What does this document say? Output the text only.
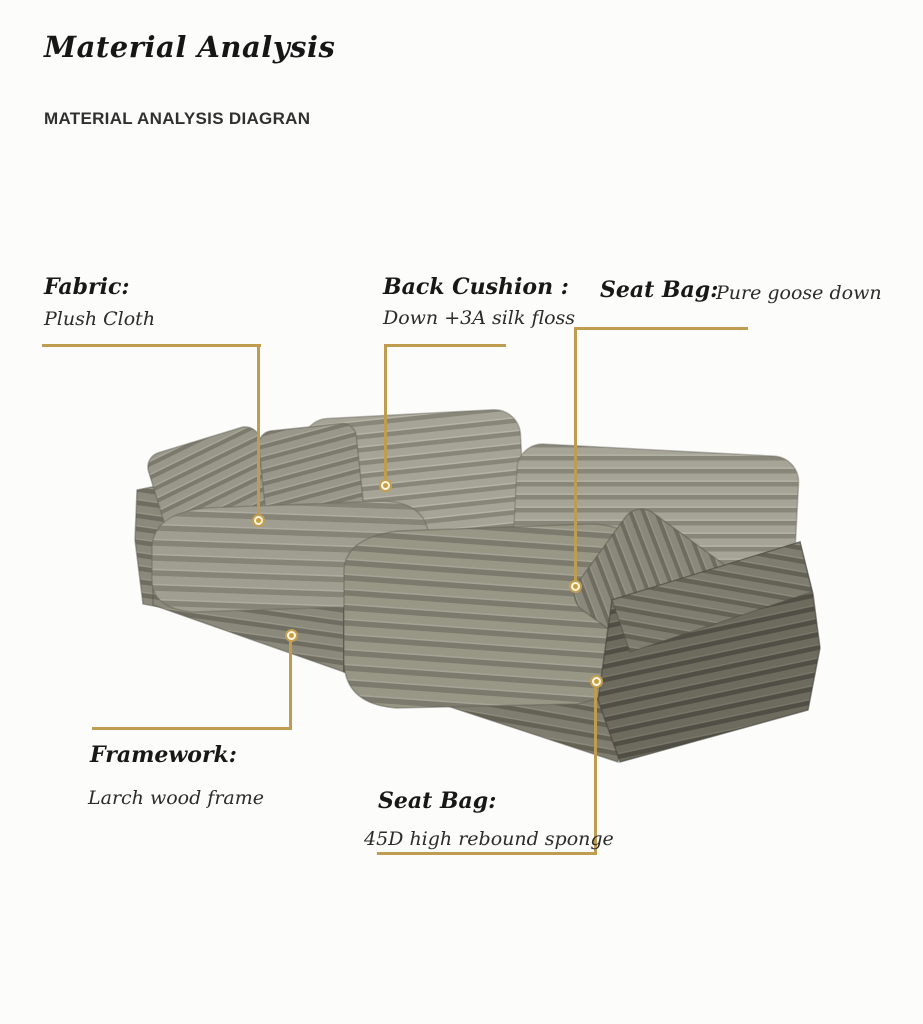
Material Analysis
MATERIAL ANALYSIS DIAGRAN
Fabric:
Plush Cloth
Back Cushion :
Down +3A silk floss
Seat Bag:
Pure goose down
Framework:
Larch wood frame	Seat Bag:
45D high rebound sponge
